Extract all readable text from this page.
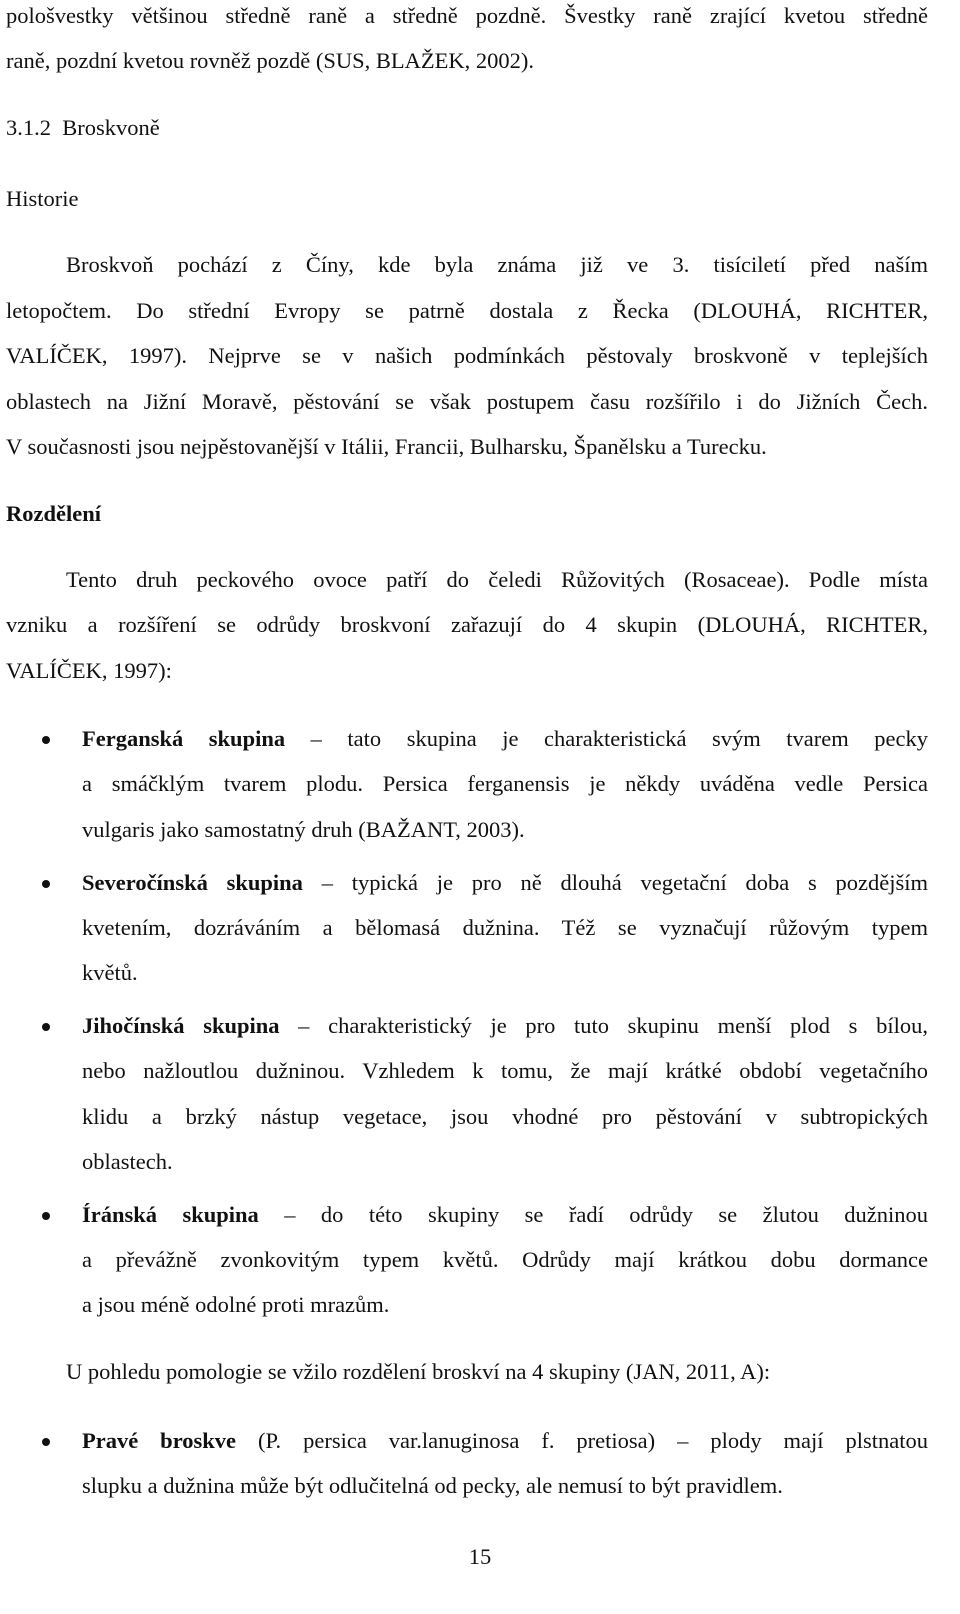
pološvestky většinou středně raně a středně pozdně. Švestky raně zrající kvetou středně
raně, pozdní kvetou rovněž pozdě (SUS, BLAŽEK, 2002).
3.1.2 Broskvoně
Historie
Broskvoň pochází z Číny, kde byla známa již ve 3. tisíciletí před naším
letopočtem. Do střední Evropy se patrně dostala z Řecka (DLOUHÁ, RICHTER,
VALÍČEK, 1997). Nejprve se v našich podmínkách pěstovaly broskvoně v teplejších
oblastech na Jižní Moravě, pěstování se však postupem času rozšířilo i do Jižních Čech.
V současnosti jsou nejpěstovanější v Itálii, Francii, Bulharsku, Španělsku a Turecku.
Rozdělení
Tento druh peckového ovoce patří do čeledi Růžovitých (Rosaceae). Podle místa
vzniku a rozšíření se odrůdy broskvoní zařazují do 4 skupin (DLOUHÁ, RICHTER,
VALÍČEK, 1997):
Ferganská skupina – tato skupina je charakteristická svým tvarem pecky
a smáčklým tvarem plodu. Persica ferganensis je někdy uváděna vedle Persica
vulgaris jako samostatný druh (BAŽANT, 2003).
Severočínská skupina – typická je pro ně dlouhá vegetační doba s pozdějším
kvetením, dozráváním a bělomasá dužnina. Též se vyznačují růžovým typem
květů.
Jihočínská skupina – charakteristický je pro tuto skupinu menší plod s bílou,
nebo nažloutlou dužninou. Vzhledem k tomu, že mají krátké období vegetačního
klidu a brzký nástup vegetace, jsou vhodné pro pěstování v subtropických
oblastech.
Íránská skupina – do této skupiny se řadí odrůdy se žlutou dužninou
a převážně zvonkovitým typem květů. Odrůdy mají krátkou dobu dormance
a jsou méně odolné proti mrazům.
U pohledu pomologie se vžilo rozdělení broskví na 4 skupiny (JAN, 2011, A):
Pravé broskve (P. persica var.lanuginosa f. pretiosa) – plody mají plstnatou
slupku a dužnina může být odlučitelná od pecky, ale nemusí to být pravidlem.
15
